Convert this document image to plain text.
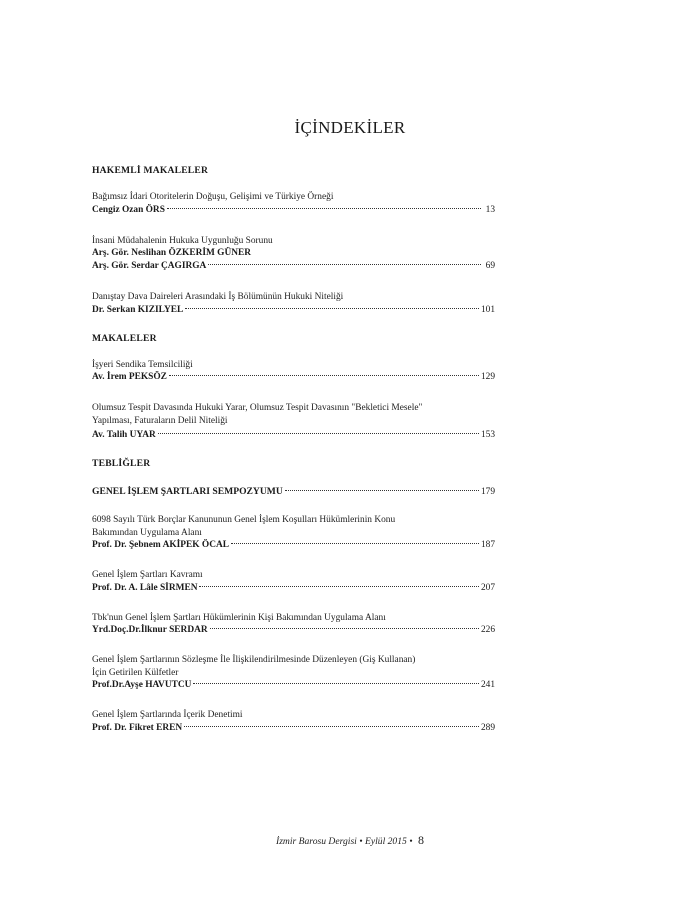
İÇİNDEKİLER
HAKEMLİ MAKALELER
Bağımsız İdari Otoritelerin Doğuşu, Gelişimi ve Türkiye Örneği
Cengiz Ozan ÖRS	13
İnsani Müdahalenin Hukuka Uygunluğu Sorunu
Arş. Gör. Neslihan ÖZKERİM GÜNER
Arş. Gör. Serdar ÇAGIRGA	69
Danıştay Dava Daireleri Arasındaki İş Bölümünün Hukuki Niteliği
Dr. Serkan KIZILYEL	101
MAKALELER
İşyeri Sendika Temsilciliği
Av. İrem PEKSÖZ	129
Olumsuz Tespit Davasında Hukuki Yarar, Olumsuz Tespit Davasının "Bekletici Mesele"
Yapılması, Faturaların Delil Niteliği
Av. Talih UYAR	153
TEBLİĞLER
GENEL İŞLEM ŞARTLARI SEMPOZYUMU	179
6098 Sayılı Türk Borçlar Kanununun Genel İşlem Koşulları Hükümlerinin Konu
Bakımından Uygulama Alanı
Prof. Dr. Şebnem AKİPEK ÖCAL	187
Genel İşlem Şartları Kavramı
Prof. Dr. A. Lâle SİRMEN	207
Tbk'nun Genel İşlem Şartları Hükümlerinin Kişi Bakımından Uygulama Alanı
Yrd.Doç.Dr.İlknur SERDAR	226
Genel İşlem Şartlarının Sözleşme İle İlişkilendirilmesinde Düzenleyen (Giş Kullanan)
İçin Getirilen Külfetler
Prof.Dr.Ayşe HAVUTCU	241
Genel İşlem Şartlarında İçerik Denetimi
Prof. Dr. Fikret EREN	289
İzmir Barosu Dergisi • Eylül 2015 • 8
